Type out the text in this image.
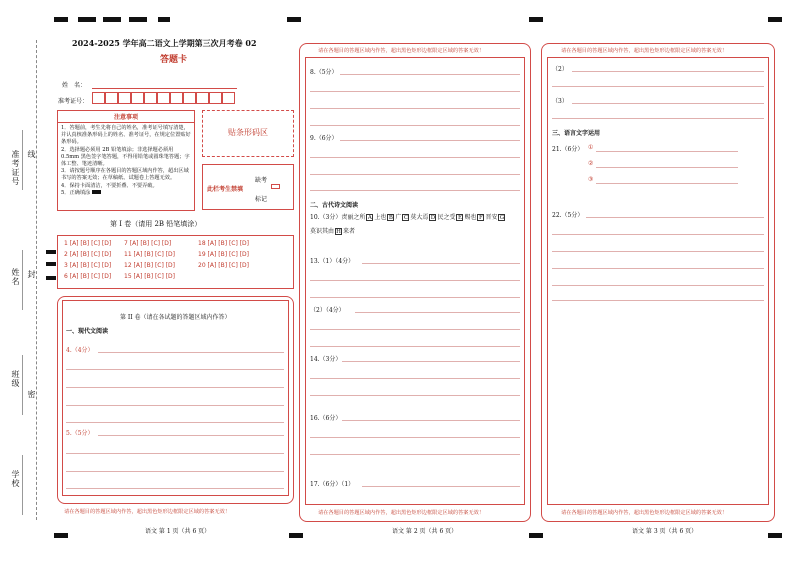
准考证号
姓名
班级
学校
线
封
密
2024-2025 学年高二语文上学期第三次月考卷 02
答题卡
姓　名：
准考证号：
注意事项
1．答题前，考生先将自己的姓名，准考证号填写清楚，并认真核准条形码上的姓名、准考证号，在规定位置贴好条形码。
2．选择题必须用 2B 铅笔填涂；非选择题必须用 0.5mm 黑色签字笔答题，不得用铅笔或圆珠笔答题；字体工整、笔迹清晰。
3．请按题号顺序在各题目的答题区域内作答，超出区域书写的答案无效；在草稿纸、试题卷上答题无效。
4．保持卡面清洁，不要折叠、不要弄破。
5．正确填涂
贴条形码区
缺考
此栏考生禁填
标记
第 I 卷（请用 2B 铅笔填涂）
1 [A] [B] [C] [D] 7 [A] [B] [C] [D]	18 [A] [B] [C] [D]
2 [A] [B] [C] [D] 11 [A] [B] [C] [D]	19 [A] [B] [C] [D]
3 [A] [B] [C] [D] 12 [A] [B] [C] [D]	20 [A] [B] [C] [D]
6 [A] [B] [C] [D] 15 [A] [B] [C] [D]
第 II 卷（请在各试题的答题区域内作答）
一、现代文阅读
4.（4分）
5.（5分）
请在各题目的答题区域内作答，超出黑色矩形边框限定区域的答案无效！
语文 第 1 页（共 6 页）
请在各题目的答题区域内作答，超出黑色矩形边框限定区域的答案无效！
8.（5分）
9.（6分）
二、古代诗文阅读
10.（3分）责丽之所 A 上也 B 广 C 莫大焉 D 民之受 E 赐也 F 晋安 G
莫识其由 H 来者
13.（1）（4分）
（2）（4分）
14.（3分）
16.（6分）
17.（6分）（1）
请在各题目的答题区域内作答，超出黑色矩形边框限定区域的答案无效！
语文 第 2 页（共 6 页）
请在各题目的答题区域内作答，超出黑色矩形边框限定区域的答案无效！
（2）
（3）
三、语言文字运用
21.（6分） ①
②
③
22.（5分）
请在各题目的答题区域内作答，超出黑色矩形边框限定区域的答案无效！
语文 第 3 页（共 6 页）
